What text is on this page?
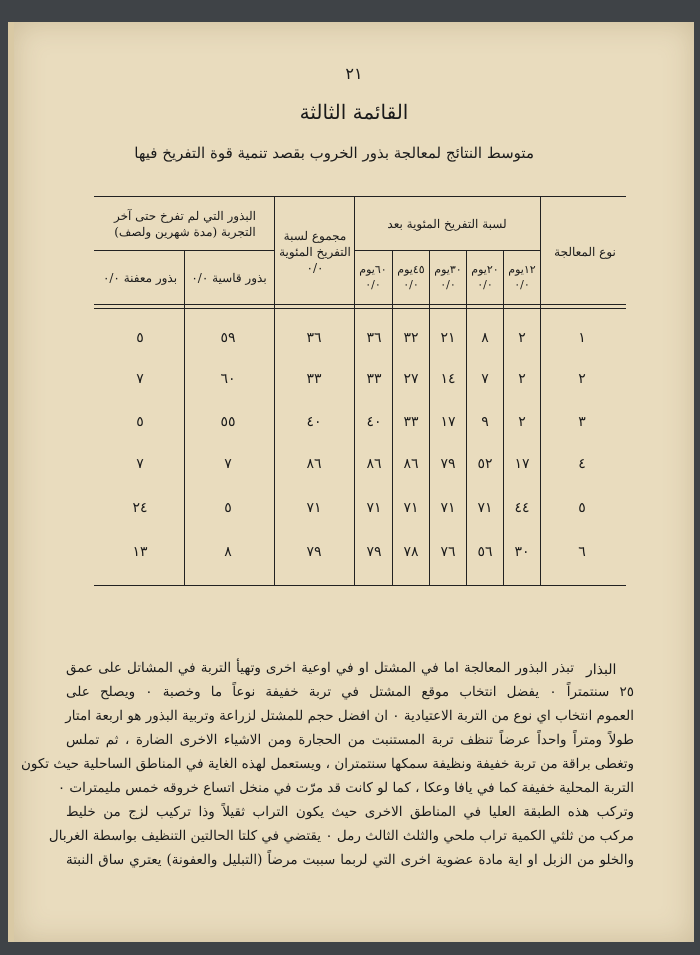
٢١
القائمة الثالثة
متوسط النتائج لمعالجة بذور الخروب بقصد تنمية قوة التفريخ فيها
نوع المعالجة
لسبة التفريخ المئوية بعد
١٢يوم ٠/٠
٢٠يوم ٠/٠
٣٠يوم ٠/٠
٤٥يوم ٠/٠
٦٠يوم ٠/٠
مجموع لسبة التفريخ المئوية ٠/٠
البذور التي لم تفرخ حتى آخر التجربة (مدة شهرين ولصف)
بذور قاسية ٠/٠
بذور معفنة ٠/٠
١
٢
٨
٢١
٣٢
٣٦
٣٦
٥٩
٥
٢
٢
٧
١٤
٢٧
٣٣
٣٣
٦٠
٧
٣
٢
٩
١٧
٣٣
٤٠
٤٠
٥٥
٥
٤
١٧
٥٢
٧٩
٨٦
٨٦
٨٦
٧
٧
٥
٤٤
٧١
٧١
٧١
٧١
٧١
٥
٢٤
٦
٣٠
٥٦
٧٦
٧٨
٧٩
٧٩
٨
١٣
البذار
تبذر البذور المعالجة اما في المشتل او في اوعية اخرى وتهيأ التربة في المشاتل على عمق
٢٥ سنتمتراً ٠ يفضل انتخاب موقع المشتل في تربة خفيفة نوعاً ما وخصبة ٠ ويصلح على
العموم انتخاب اي نوع من التربة الاعتيادية ٠ ان افضل حجم للمشتل لزراعة وتربية البذور هو اربعة امتار
طولاً ومتراً واحداً عرضاً تنظف تربة المستنبت من الحجارة ومن الاشياء الاخرى الضارة ، ثم تملس
وتغطى براقة من تربة خفيفة ونظيفة سمكها سنتمتران ، ويستعمل لهذه الغاية في المناطق الساحلية حيث تكون
التربة المحلية خفيفة كما في يافا وعكا ، كما لو كانت قد مرّت في منخل اتساع خروقه خمس مليمترات ٠
وتركب هذه الطبقة العليا في المناطق الاخرى حيث يكون التراب ثقيلاً وذا تركيب لزج من خليط
مركب من ثلثي الكمية تراب ملحي والثلث الثالث رمل ٠ يقتضي في كلتا الحالتين التنظيف بواسطة الغربال
والخلو من الزبل او اية مادة عضوية اخرى التي لربما سببت مرضاً (التبليل والعفونة) يعتري ساق النبتة
